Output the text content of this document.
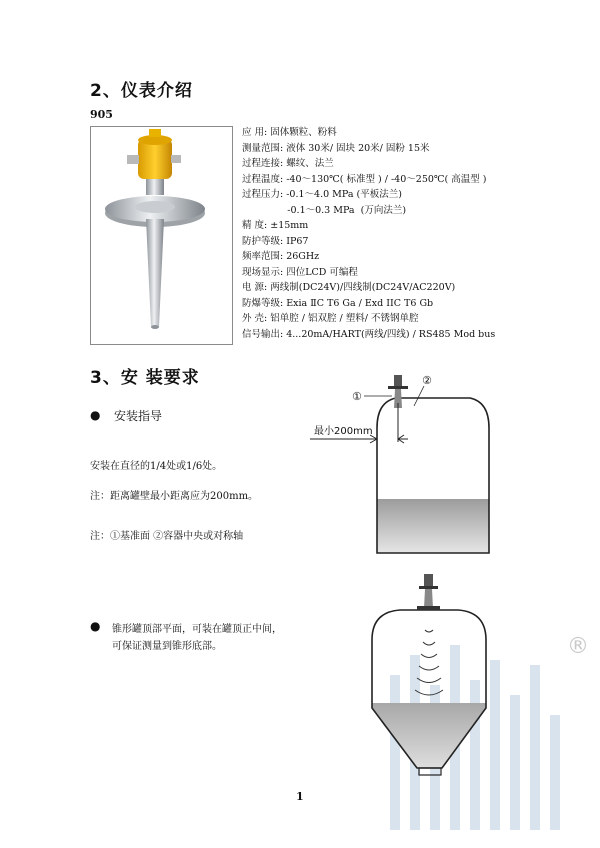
2、仪表介绍
905
应 用: 固体颗粒、粉料
测量范围: 液体 30米/ 固块 20米/ 固粉 15米
过程连接: 螺纹、法兰
过程温度: -40～130℃( 标准型 ) / -40～250℃( 高温型 )
过程压力: -0.1～4.0 MPa (平板法兰)
-0.1～0.3 MPa  (万向法兰)
精 度: ±15mm
防护等级: IP67
频率范围: 26GHz
现场显示: 四位LCD 可编程
电 源: 两线制(DC24V)/四线制(DC24V/AC220V)
防爆等级: Exia ⅡC T6 Ga / Exd IIC T6 Gb
外 壳: 铝单腔 / 铝双腔 / 塑料/ 不锈钢单腔
信号输出: 4...20mA/HART(两线/四线) / RS485 Mod bus
3、安 装要求
● 安装指导
安装在直径的1/4处或1/6处。
注：距离罐壁最小距离应为200mm。
注：①基准面 ②容器中央或对称轴
● 锥形罐顶部平面，可装在罐顶正中间，
可保证测量到锥形底部。
最小200mm
①
②
®
1
